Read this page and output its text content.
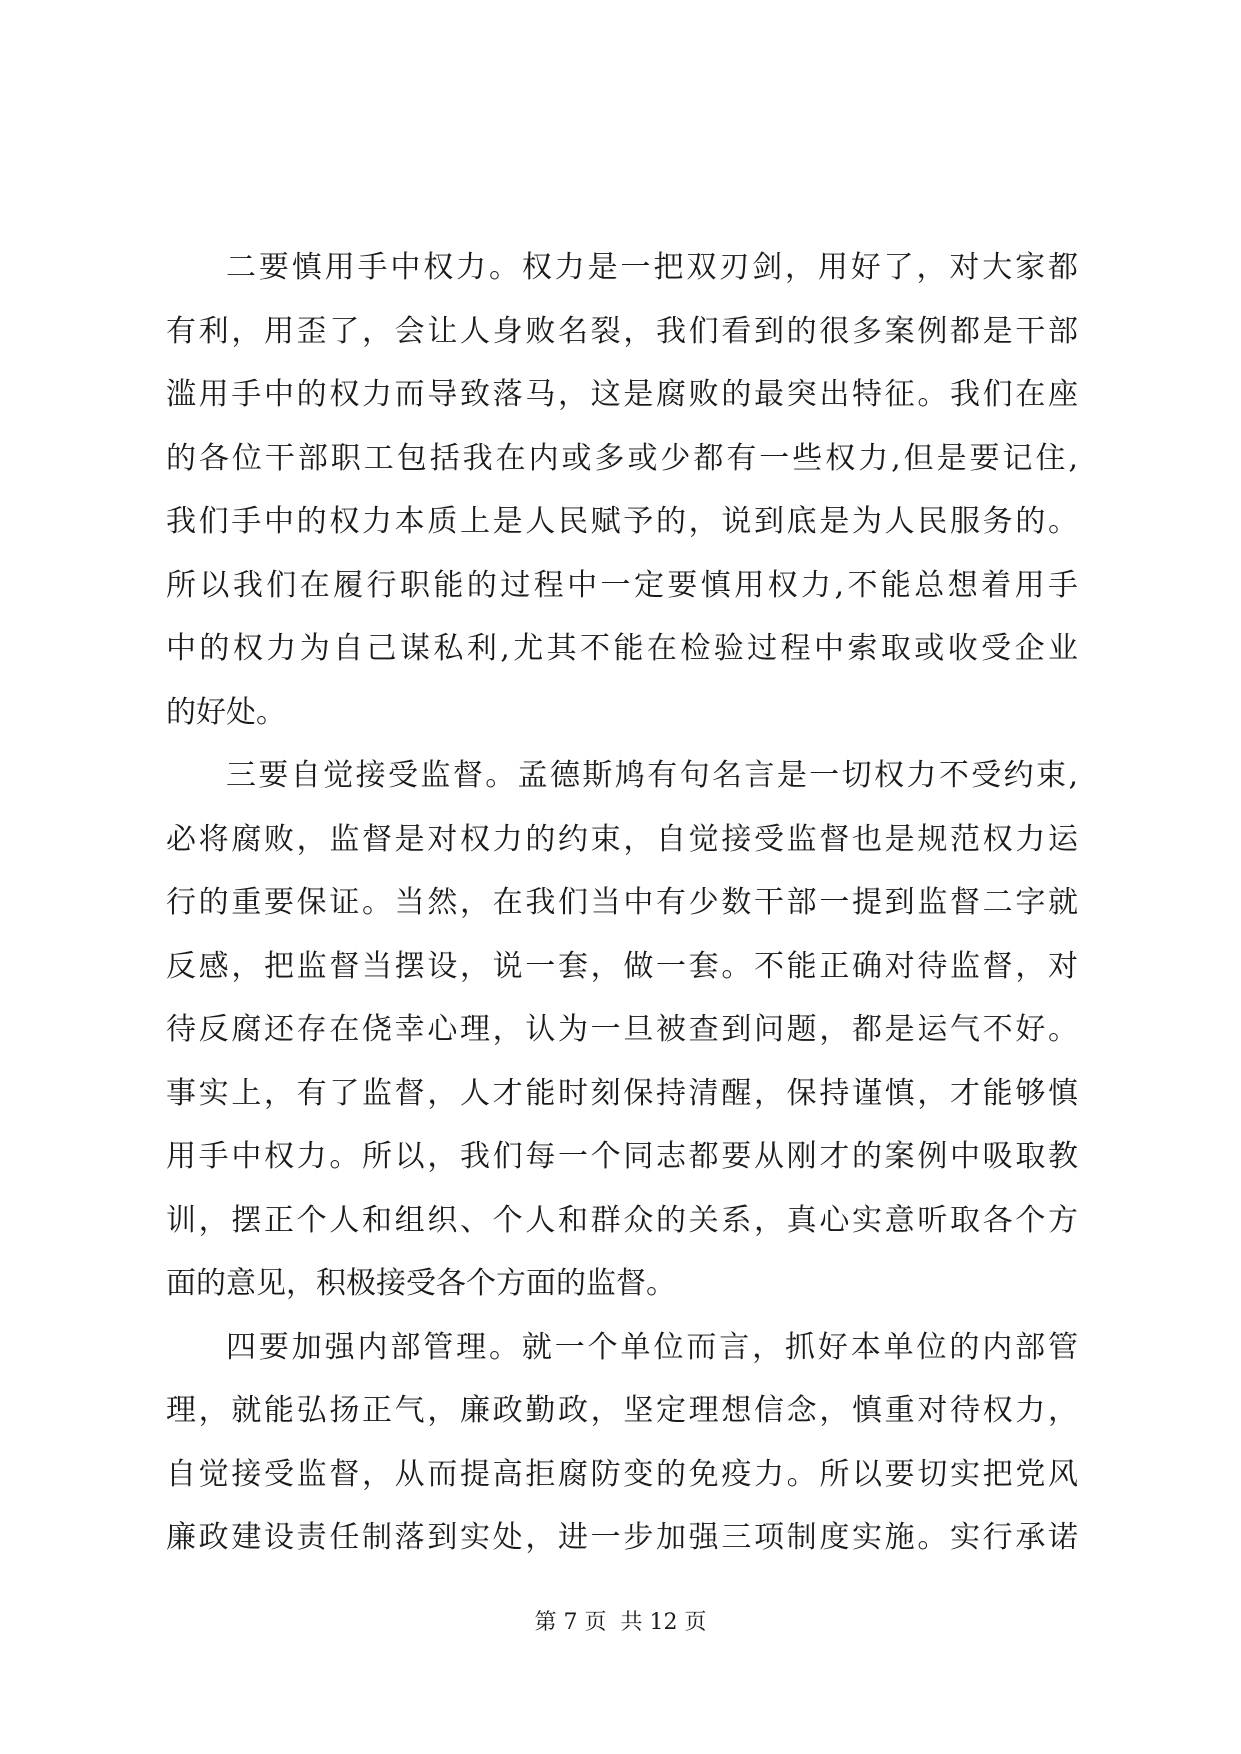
二要慎用手中权力。权力是一把双刃剑，用好了，对大家都
有利，用歪了，会让人身败名裂，我们看到的很多案例都是干部
滥用手中的权力而导致落马，这是腐败的最突出特征。我们在座
的各位干部职工包括我在内或多或少都有一些权力,但是要记住,
我们手中的权力本质上是人民赋予的，说到底是为人民服务的。
所以我们在履行职能的过程中一定要慎用权力,不能总想着用手
中的权力为自己谋私利,尤其不能在检验过程中索取或收受企业
的好处。
三要自觉接受监督。孟德斯鸠有句名言是一切权力不受约束,
必将腐败，监督是对权力的约束，自觉接受监督也是规范权力运
行的重要保证。当然，在我们当中有少数干部一提到监督二字就
反感，把监督当摆设，说一套，做一套。不能正确对待监督，对
待反腐还存在侥幸心理，认为一旦被查到问题，都是运气不好。
事实上，有了监督，人才能时刻保持清醒，保持谨慎，才能够慎
用手中权力。所以，我们每一个同志都要从刚才的案例中吸取教
训，摆正个人和组织、个人和群众的关系，真心实意听取各个方
面的意见，积极接受各个方面的监督。
四要加强内部管理。就一个单位而言，抓好本单位的内部管
理，就能弘扬正气，廉政勤政，坚定理想信念，慎重对待权力，
自觉接受监督，从而提高拒腐防变的免疫力。所以要切实把党风
廉政建设责任制落到实处，进一步加强三项制度实施。实行承诺
第 7 页 共 12 页
